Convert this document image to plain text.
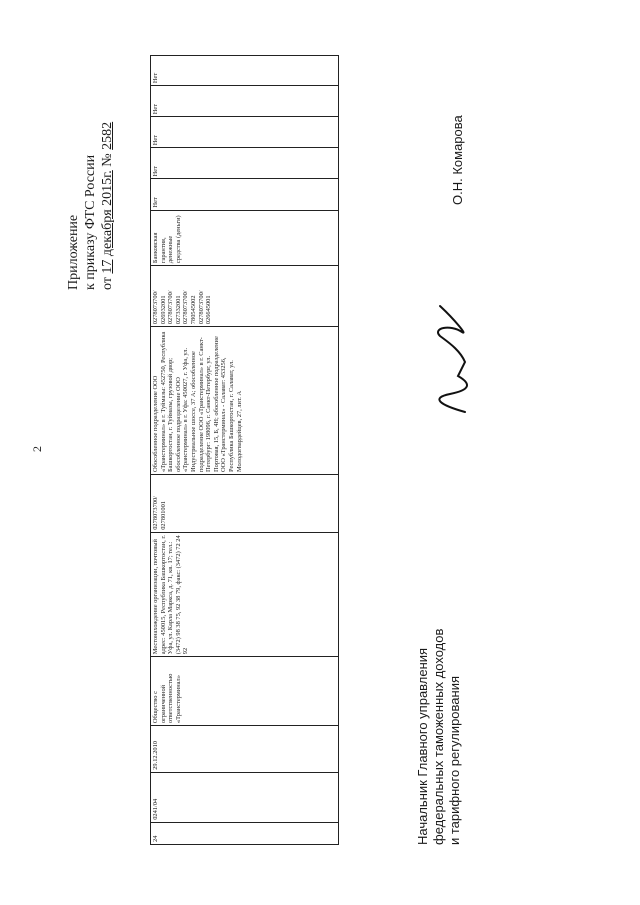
2
Приложение к приказу ФТС России от 17 декабря 2015г. № 2582
24	0241/04	29.12.2010	Общество с ограниченной ответственностью «Транстерминал»	Местонахождение организации, почтовый адрес: 450015, Республика Башкортостан, г. Уфа, ул. Карла Маркса, д. 71, кв. 17; тел.: (3472) 98 38 75, 92 38 79, факс: (3472) 72 24 92	0278073700/ 027801001	Обособленное подразделение ООО «Транстерминал» в г. Туймазы: 452750, Республика Башкортостан, г. Туймазы, грузовой двор; обособленное подразделение ООО «Транстерминал» в г. Уфа: 450027, г. Уфа, ул. Индустриальное шоссе, 37 А; обособленное подразделение ООО «Транстерминал» в г. Санкт-Петербург: 198096, г. Санкт-Петербург, ул. Портовая, 15, Б, 4Н; обособленное подразделение ООО «Транстерминал» - Салават: 453256, Республика Башкортостан, г. Салават, ул. Молодогвардейцев, 27, лит. А	0278073700/ 026932001 0278073700/ 027332001 0278073700/ 780545002 0278073700/ 026645001	Банковская гарантия, денежные средства (деньги)	Нет	Нет	Нет	Нет	Нет
Начальник Главного управления федеральных таможенных доходов и тарифного регулирования
О.Н. Комарова
